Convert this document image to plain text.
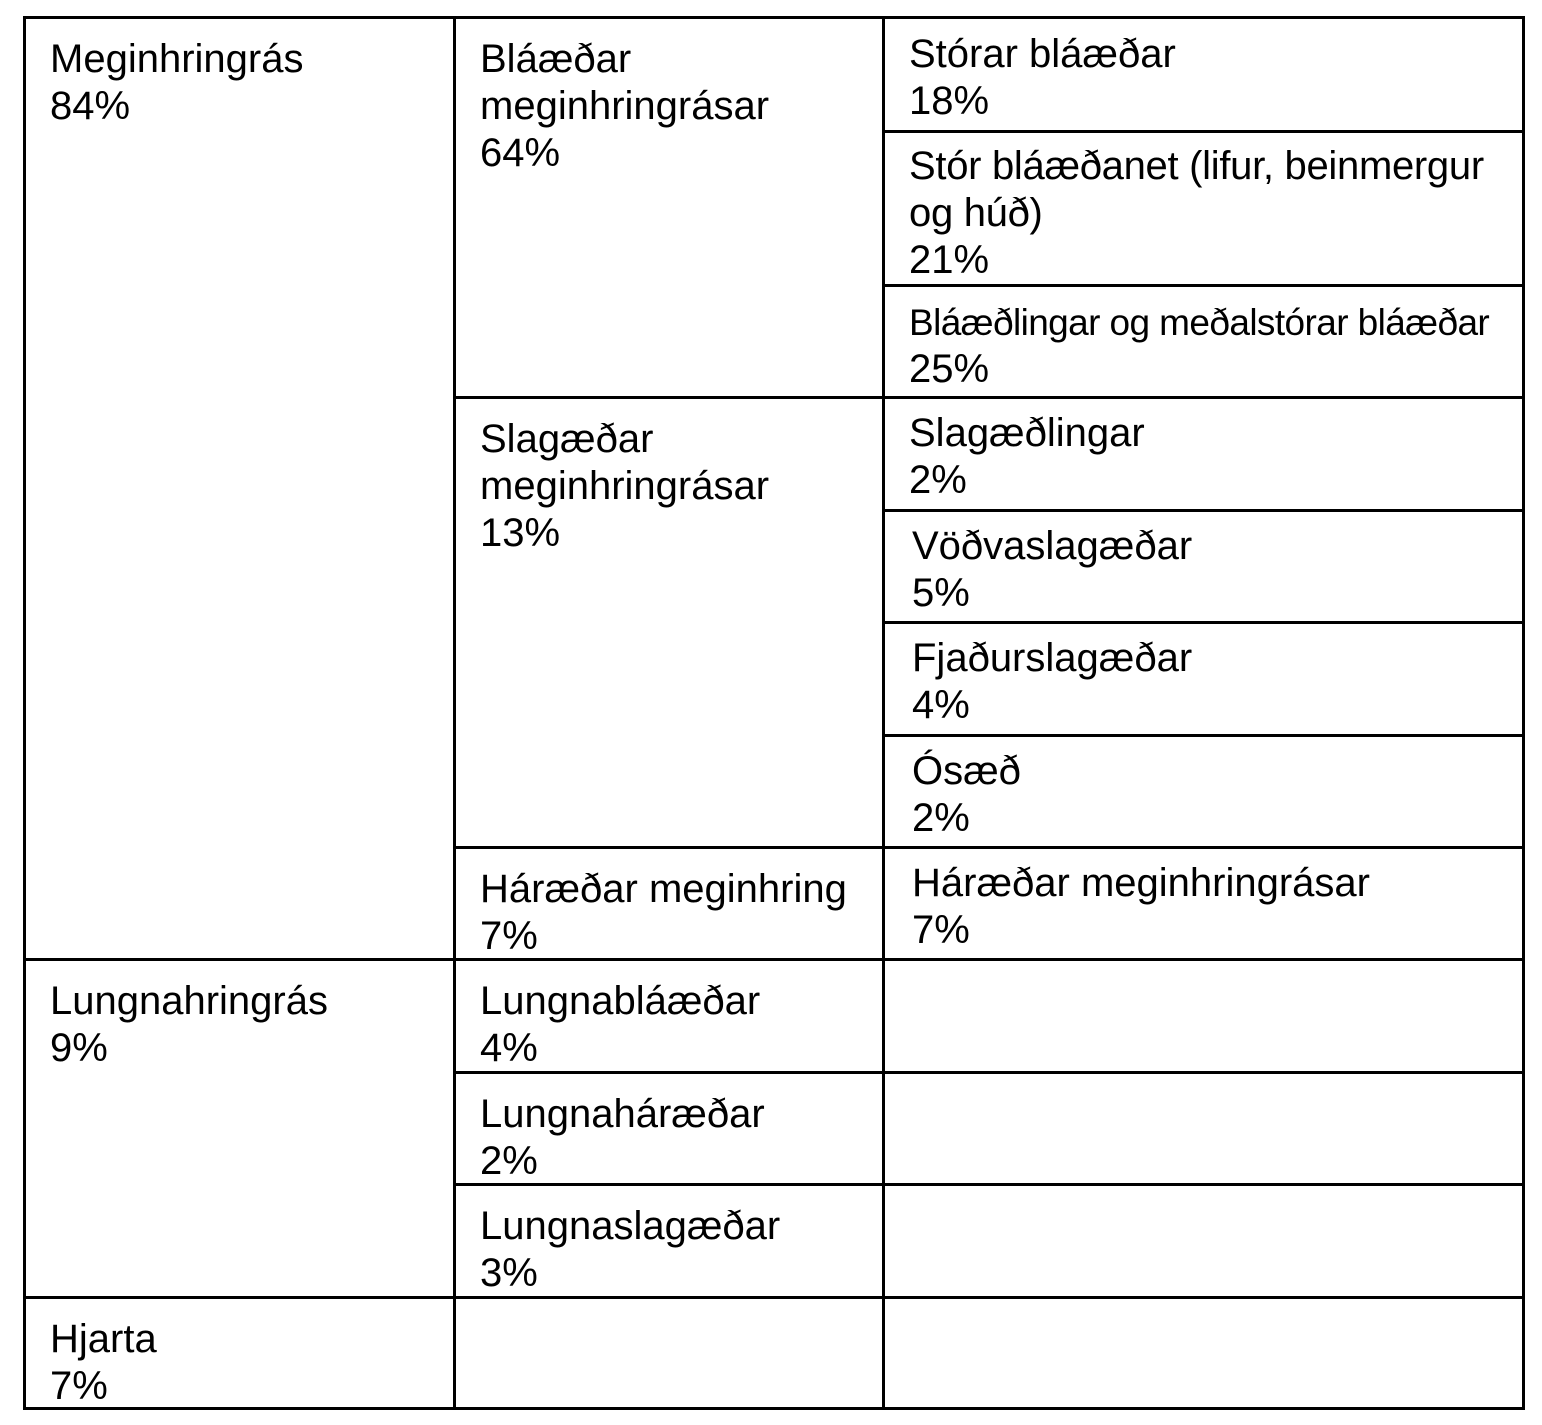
Meginhringrás
84%
Lungnahringrás
9%
Hjarta
7%
Bláæðar meginhringrásar
64%
Slagæðar meginhringrásar
13%
Háræðar meginhring
7%
Lungnabláæðar
4%
Lungnaháræðar
2%
Lungnaslagæðar
3%
Stórar bláæðar
18%
Stór bláæðanet (lifur, beinmergur og húð)
21%
Bláæðlingar og meðalstórar bláæðar
25%
Slagæðlingar
2%
Vöðvaslagæðar
5%
Fjaðurslagæðar
4%
Ósæð
2%
Háræðar meginhringrásar
7%
